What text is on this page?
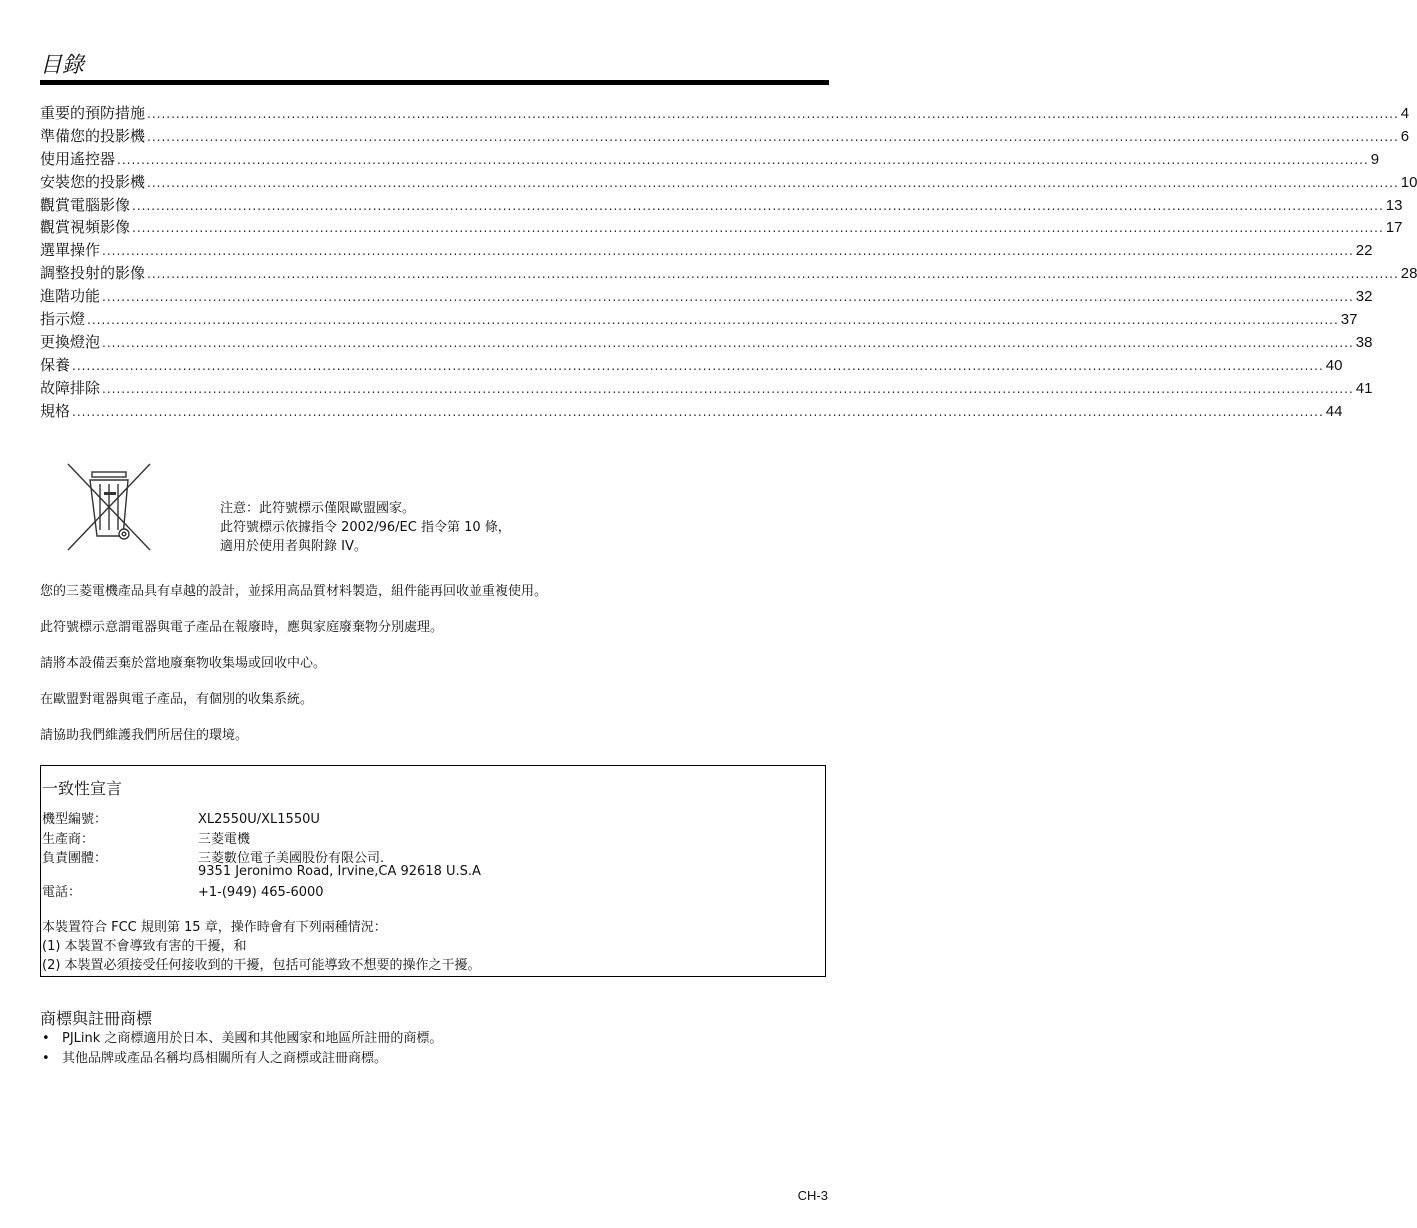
目錄
重要的預防措施 .................................................................................................................................................................................................................................................................... 4
準備您的投影機 .................................................................................................................................................................................................................................................................... 6
使用遙控器 .................................................................................................................................................................................................................................................................... 9
安裝您的投影機 .................................................................................................................................................................................................................................................................... 10
觀賞電腦影像 .................................................................................................................................................................................................................................................................... 13
觀賞視頻影像 .................................................................................................................................................................................................................................................................... 17
選單操作 .................................................................................................................................................................................................................................................................... 22
調整投射的影像 .................................................................................................................................................................................................................................................................... 28
進階功能 .................................................................................................................................................................................................................................................................... 32
指示燈 .................................................................................................................................................................................................................................................................... 37
更換燈泡 .................................................................................................................................................................................................................................................................... 38
保養 .................................................................................................................................................................................................................................................................... 40
故障排除 .................................................................................................................................................................................................................................................................... 41
規格 .................................................................................................................................................................................................................................................................... 44
注意：此符號標示僅限歐盟國家。
此符號標示依據指令 2002/96/EC 指令第 10 條，
適用於使用者與附錄 IV。
您的三菱電機產品具有卓越的設計，並採用高品質材料製造，組件能再回收並重複使用。
此符號標示意謂電器與電子產品在報廢時，應與家庭廢棄物分別處理。
請將本設備丟棄於當地廢棄物收集場或回收中心。
在歐盟對電器與電子產品，有個別的收集系統。
請協助我們維護我們所居住的環境。
一致性宣言
機型編號：	XL2550U/XL1550U
生產商：	三菱電機
負責團體：	三菱數位電子美國股份有限公司.
9351 Jeronimo Road, Irvine,CA 92618 U.S.A
電話：	+1-(949) 465-6000
本裝置符合 FCC 規則第 15 章，操作時會有下列兩種情況：
(1) 本裝置不會導致有害的干擾，和
(2) 本裝置必須接受任何接收到的干擾，包括可能導致不想要的操作之干擾。
商標與註冊商標
• PJLink 之商標適用於日本、美國和其他國家和地區所註冊的商標。
• 其他品牌或產品名稱均爲相關所有人之商標或註冊商標。
CH-3
